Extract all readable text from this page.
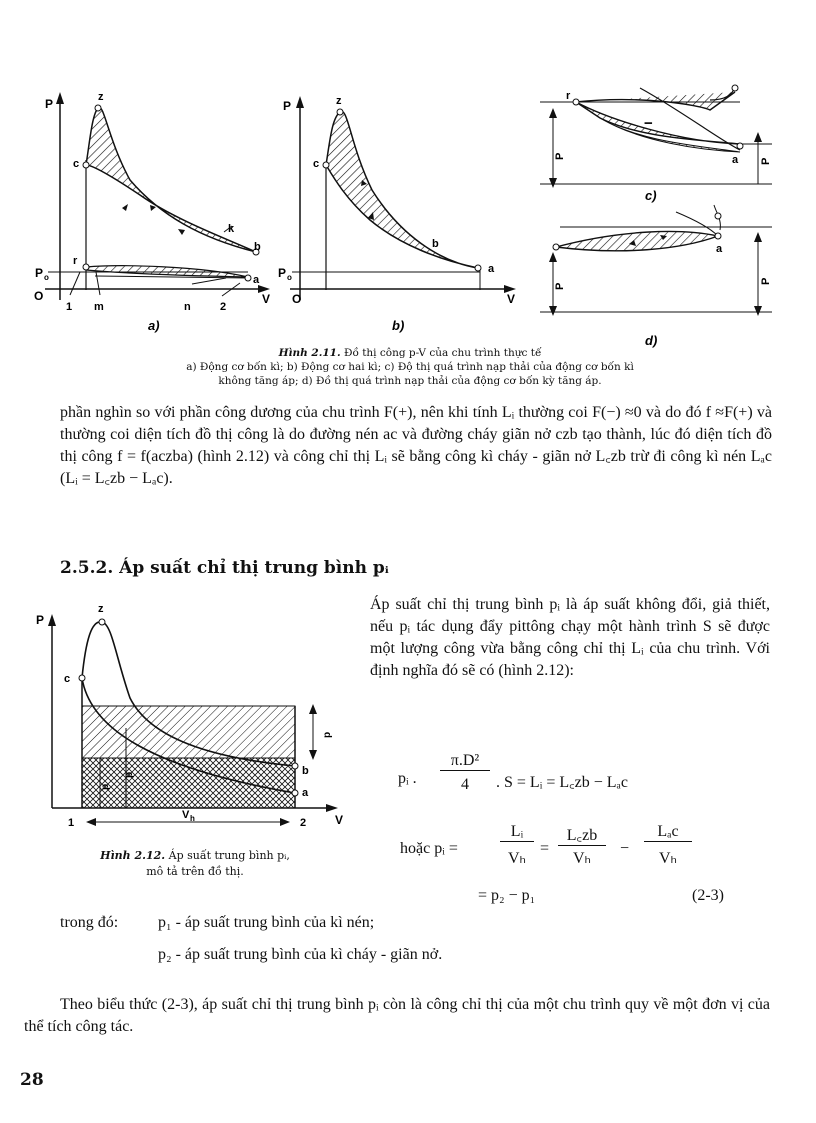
P	z
c
k
b
r
a
P o
O
1 m	n	2
V
P	z
c
b
a
P o
O	V
r
a
−
P
P
c)
a
P
P
d)
a)	b)
Hình 2.11. Đồ thị công p-V của chu trình thực tế
a) Động cơ bốn kì; b) Động cơ hai kì; c) Độ thị quá trình nạp thải của động cơ bốn kì
không tăng áp; d) Đồ thị quá trình nạp thải của động cơ bốn kỳ tăng áp.
phần nghìn so với phần công dương của chu trình F(+), nên khi tính Lᵢ thường coi F(−) ≈0 và do đó f ≈F(+) và thường coi diện tích đồ thị công là do đường nén ac và đường cháy giãn nở czb tạo thành, lúc đó diện tích đồ thị công f = f(aczba) (hình 2.12) và công chỉ thị Lᵢ sẽ bằng công kì cháy - giãn nở L꜀zb trừ đi công kì nén Lₐc (Lᵢ = L꜀zb − Lₐc).
2.5.2. Áp suất chỉ thị trung bình pᵢ
P
z
c
b
a
1	2 V
V h
p
p
p
Hình 2.12. Áp suất trung bình pᵢ,
mô tả trên đồ thị.
Áp suất chỉ thị trung bình pᵢ là áp suất không đổi, giả thiết, nếu pᵢ tác dụng đẩy pittông chạy một hành trình S sẽ được một lượng công vừa bằng công chỉ thị Lᵢ của chu trình. Với định nghĩa đó sẽ có (hình 2.12):
pᵢ .
π.D²
4	. S = Lᵢ = L꜀zb − Lₐc
hoặc pᵢ =
Lᵢ
Vₕ
=
L꜀zb
Vₕ
−
Lₐc
Vₕ
= p₂ − p₁	(2-3)
trong đó: p₁ - áp suất trung bình của kì nén;
p₂ - áp suất trung bình của kì cháy - giãn nở.
Theo biểu thức (2-3), áp suất chỉ thị trung bình pᵢ còn là công chỉ thị của một chu trình quy về một đơn vị của thể tích công tác.
28
